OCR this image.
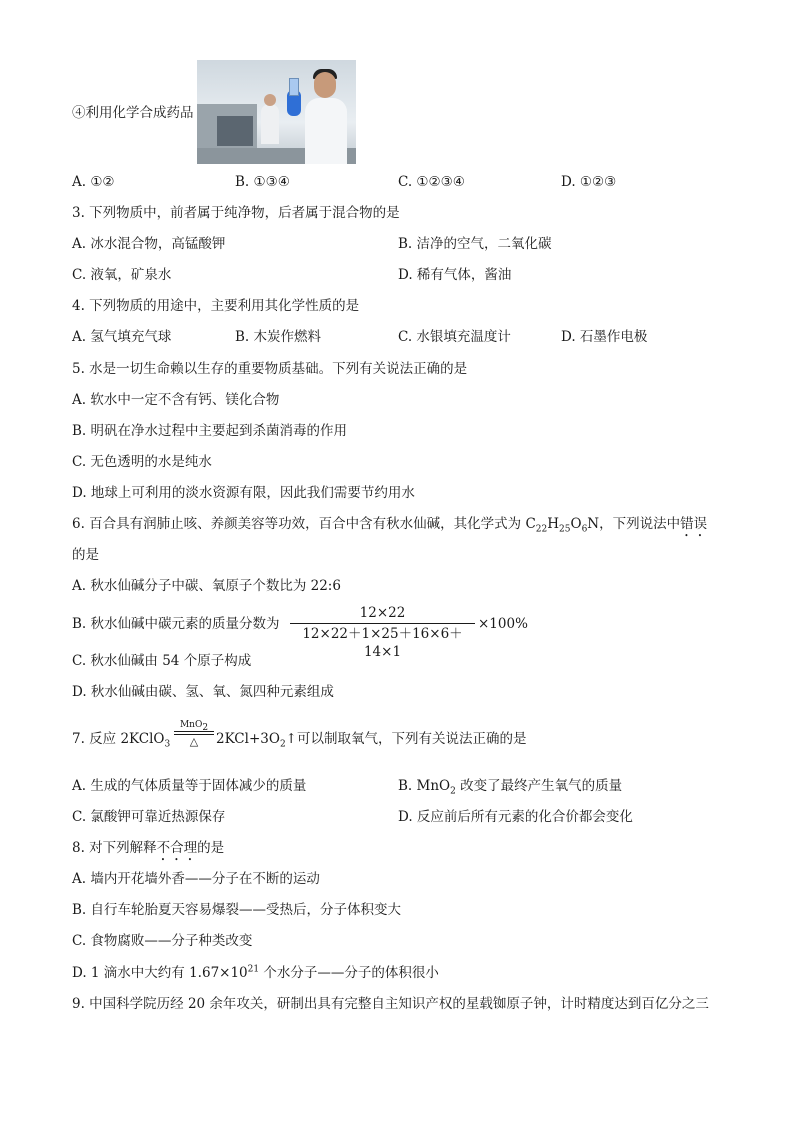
④利用化学合成药品
A. ①②	B. ①③④	C. ①②③④	D. ①②③
3. 下列物质中，前者属于纯净物，后者属于混合物的是
A. 冰水混合物，高锰酸钾	B. 洁净的空气，二氧化碳
C. 液氧，矿泉水	D. 稀有气体，酱油
4. 下列物质的用途中，主要利用其化学性质的是
A. 氢气填充气球	B. 木炭作燃料	C. 水银填充温度计	D. 石墨作电极
5. 水是一切生命赖以生存的重要物质基础。下列有关说法正确的是
A. 软水中一定不含有钙、镁化合物
B. 明矾在净水过程中主要起到杀菌消毒的作用
C. 无色透明的水是纯水
D. 地球上可利用的淡水资源有限，因此我们需要节约用水
6. 百合具有润肺止咳、养颜美容等功效，百合中含有秋水仙碱，其化学式为 $C_{22}H_{25}O_6N$，下列说法中错误
的是
A. 秋水仙碱分子中碳、氧原子个数比为 22:6
B. 秋水仙碱中碳元素的质量分数为
12×22
12×22＋1×25＋16×6＋14×1
×100%
C. 秋水仙碱由 54 个原子构成
D. 秋水仙碱由碳、氢、氧、氮四种元素组成
7. 反应 2KClO$_3$
MnO$_2$
△	$2KCl+3O_2↑$可以制取氧气，下列有关说法正确的是
A. 生成的气体质量等于固体减少的质量	B. MnO$_2$ 改变了最终产生氧气的质量
C. 氯酸钾可靠近热源保存	D. 反应前后所有元素的化合价都会变化
8. 对下列解释不合理的是
A. 墙内开花墙外香——分子在不断的运动
B. 自行车轮胎夏天容易爆裂——受热后，分子体积变大
C. 食物腐败——分子种类改变
D. 1 滴水中大约有 $1.67\times 10^{21}$ 个水分子——分子的体积很小
9. 中国科学院历经 20 余年攻关，研制出具有完整自主知识产权的星载铷原子钟，计时精度达到百亿分之三
